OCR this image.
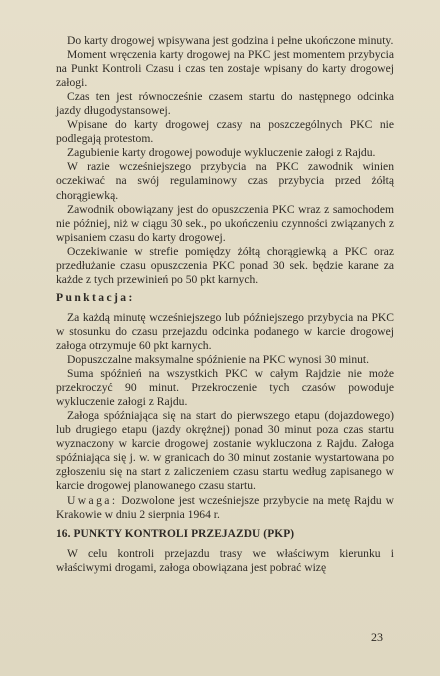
Do karty drogowej wpisywana jest godzina i pełne ukończone minuty.

Moment wręczenia karty drogowej na PKC jest momentem przybycia na Punkt Kontroli Czasu i czas ten zostaje wpisany do karty drogowej załogi.

Czas ten jest równocześnie czasem startu do następnego odcinka jazdy długodystansowej.

Wpisane do karty drogowej czasy na poszczególnych PKC nie podlegają protestom.

Zagubienie karty drogowej powoduje wykluczenie załogi z Rajdu.

W razie wcześniejszego przybycia na PKC zawodnik winien oczekiwać na swój regulaminowy czas przybycia przed żółtą chorągiewką.

Zawodnik obowiązany jest do opuszczenia PKC wraz z samochodem nie później, niż w ciągu 30 sek., po ukończeniu czynności związanych z wpisaniem czasu do karty drogowej.

Oczekiwanie w strefie pomiędzy żółtą chorągiewką a PKC oraz przedłużanie czasu opuszczenia PKC ponad 30 sek. będzie karane za każde z tych przewinień po 50 pkt karnych.

Punktacja:

Za każdą minutę wcześniejszego lub późniejszego przybycia na PKC w stosunku do czasu przejazdu odcinka podanego w karcie drogowej załoga otrzymuje 60 pkt karnych.

Dopuszczalne maksymalne spóźnienie na PKC wynosi 30 minut.

Suma spóźnień na wszystkich PKC w całym Rajdzie nie może przekroczyć 90 minut. Przekroczenie tych czasów powoduje wykluczenie załogi z Rajdu.

Załoga spóźniająca się na start do pierwszego etapu (dojazdowego) lub drugiego etapu (jazdy okrężnej) ponad 30 minut poza czas startu wyznaczony w karcie drogowej zostanie wykluczona z Rajdu. Załoga spóźniająca się j. w. w granicach do 30 minut zostanie wystartowana po zgłoszeniu się na start z zaliczeniem czasu startu według zapisanego w karcie drogowej planowanego czasu startu.

Uwaga: Dozwolone jest wcześniejsze przybycie na metę Rajdu w Krakowie w dniu 2 sierpnia 1964 r.

16. PUNKTY KONTROLI PRZEJAZDU (PKP)

W celu kontroli przejazdu trasy we właściwym kierunku i właściwymi drogami, załoga obowiązana jest pobrać wizę

23
